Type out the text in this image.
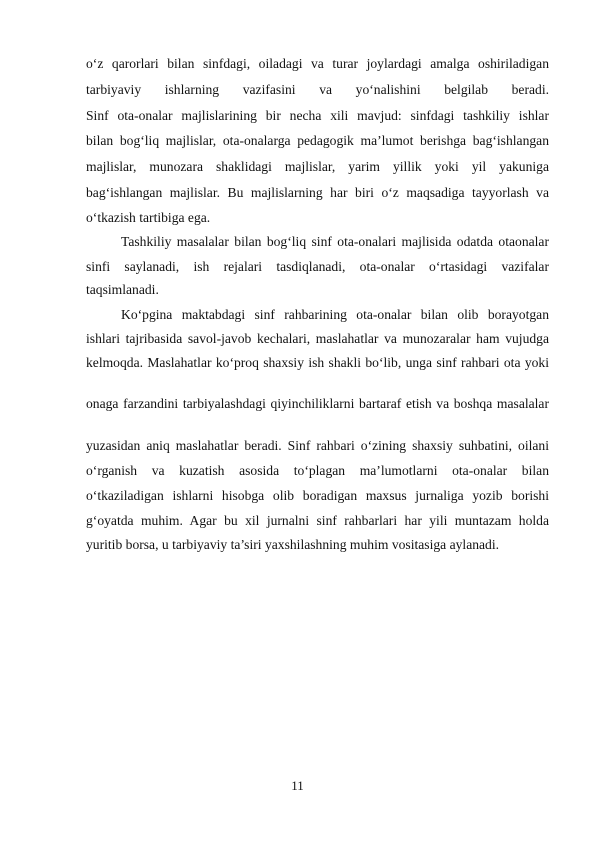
o‘z qarorlari bilan sinfdagi, oiladagi va turar joylardagi amalga oshiriladigan
tarbiyaviy ishlarning vazifasini va yo‘nalishini belgilab beradi.
Sinf ota-onalar majlislarining bir necha xili mavjud: sinfdagi tashkiliy ishlar
bilan bog‘liq majlislar, ota-onalarga pedagogik ma’lumot berishga bag‘ishlangan
majlislar, munozara shaklidagi majlislar, yarim yillik yoki yil yakuniga
bag‘ishlangan majlislar. Bu majlislarning har biri o‘z maqsadiga tayyorlash va
o‘tkazish tartibiga ega.
Tashkiliy masalalar bilan bog‘liq sinf ota-onalari majlisida odatda otaonalar
sinfi saylanadi, ish rejalari tasdiqlanadi, ota-onalar o‘rtasidagi vazifalar
taqsimlanadi.
Ko‘pgina maktabdagi sinf rahbarining ota-onalar bilan olib borayotgan
ishlari tajribasida savol-javob kechalari, maslahatlar va munozaralar ham vujudga
kelmoqda. Maslahatlar ko‘proq shaxsiy ish shakli bo‘lib, unga sinf rahbari ota yoki
onaga farzandini tarbiyalashdagi qiyinchiliklarni bartaraf etish va boshqa masalalar
yuzasidan aniq maslahatlar beradi. Sinf rahbari o‘zining shaxsiy suhbatini, oilani
o‘rganish va kuzatish asosida to‘plagan ma’lumotlarni ota-onalar bilan
o‘tkaziladigan ishlarni hisobga olib boradigan maxsus jurnaliga yozib borishi
g‘oyatda muhim. Agar bu xil jurnalni sinf rahbarlari har yili muntazam holda
yuritib borsa, u tarbiyaviy ta’siri yaxshilashning muhim vositasiga aylanadi.
11
